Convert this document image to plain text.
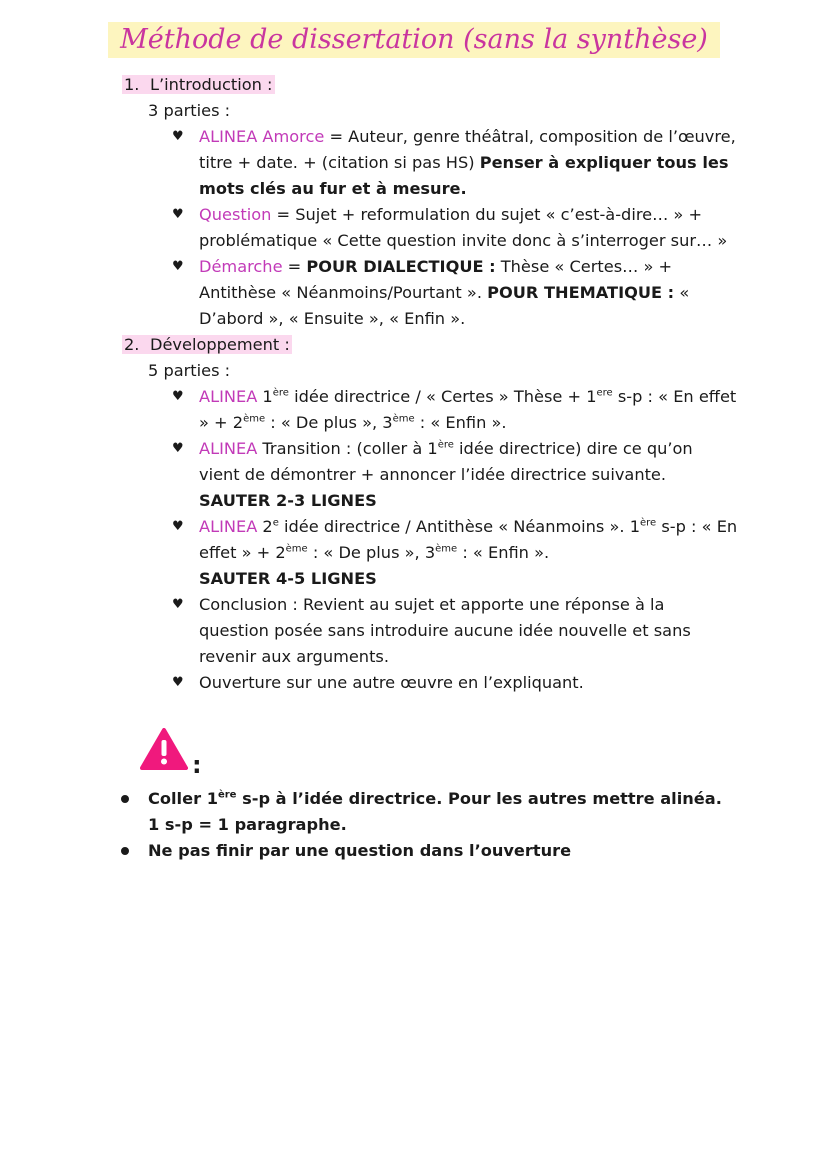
Méthode de dissertation (sans la synthèse)
1. L’introduction :
3 parties :
♥ ALINEA Amorce = Auteur, genre théâtral, composition de l’œuvre, titre + date. + (citation si pas HS) Penser à expliquer tous les mots clés au fur et à mesure.
♥ Question = Sujet + reformulation du sujet « c’est-à-dire… » + problématique « Cette question invite donc à s’interroger sur… »
♥ Démarche = POUR DIALECTIQUE : Thèse « Certes… » + Antithèse « Néanmoins/Pourtant ». POUR THEMATIQUE : « D’abord », « Ensuite », « Enfin ».
2. Développement :
5 parties :
♥ ALINEA 1ère idée directrice / « Certes » Thèse + 1ere s-p : « En effet » + 2ème : « De plus », 3ème : « Enfin ».
♥ ALINEA Transition : (coller à 1ère idée directrice) dire ce qu’on vient de démontrer + annoncer l’idée directrice suivante.
SAUTER 2-3 LIGNES
♥ ALINEA 2e idée directrice / Antithèse « Néanmoins ». 1ère s-p : « En effet » + 2ème : « De plus », 3ème : « Enfin ».
SAUTER 4-5 LIGNES
♥ Conclusion : Revient au sujet et apporte une réponse à la question posée sans introduire aucune idée nouvelle et sans revenir aux arguments.
♥ Ouverture sur une autre œuvre en l’expliquant.
:
Coller 1ère s-p à l’idée directrice. Pour les autres mettre alinéa. 1 s-p = 1 paragraphe.
Ne pas finir par une question dans l’ouverture
